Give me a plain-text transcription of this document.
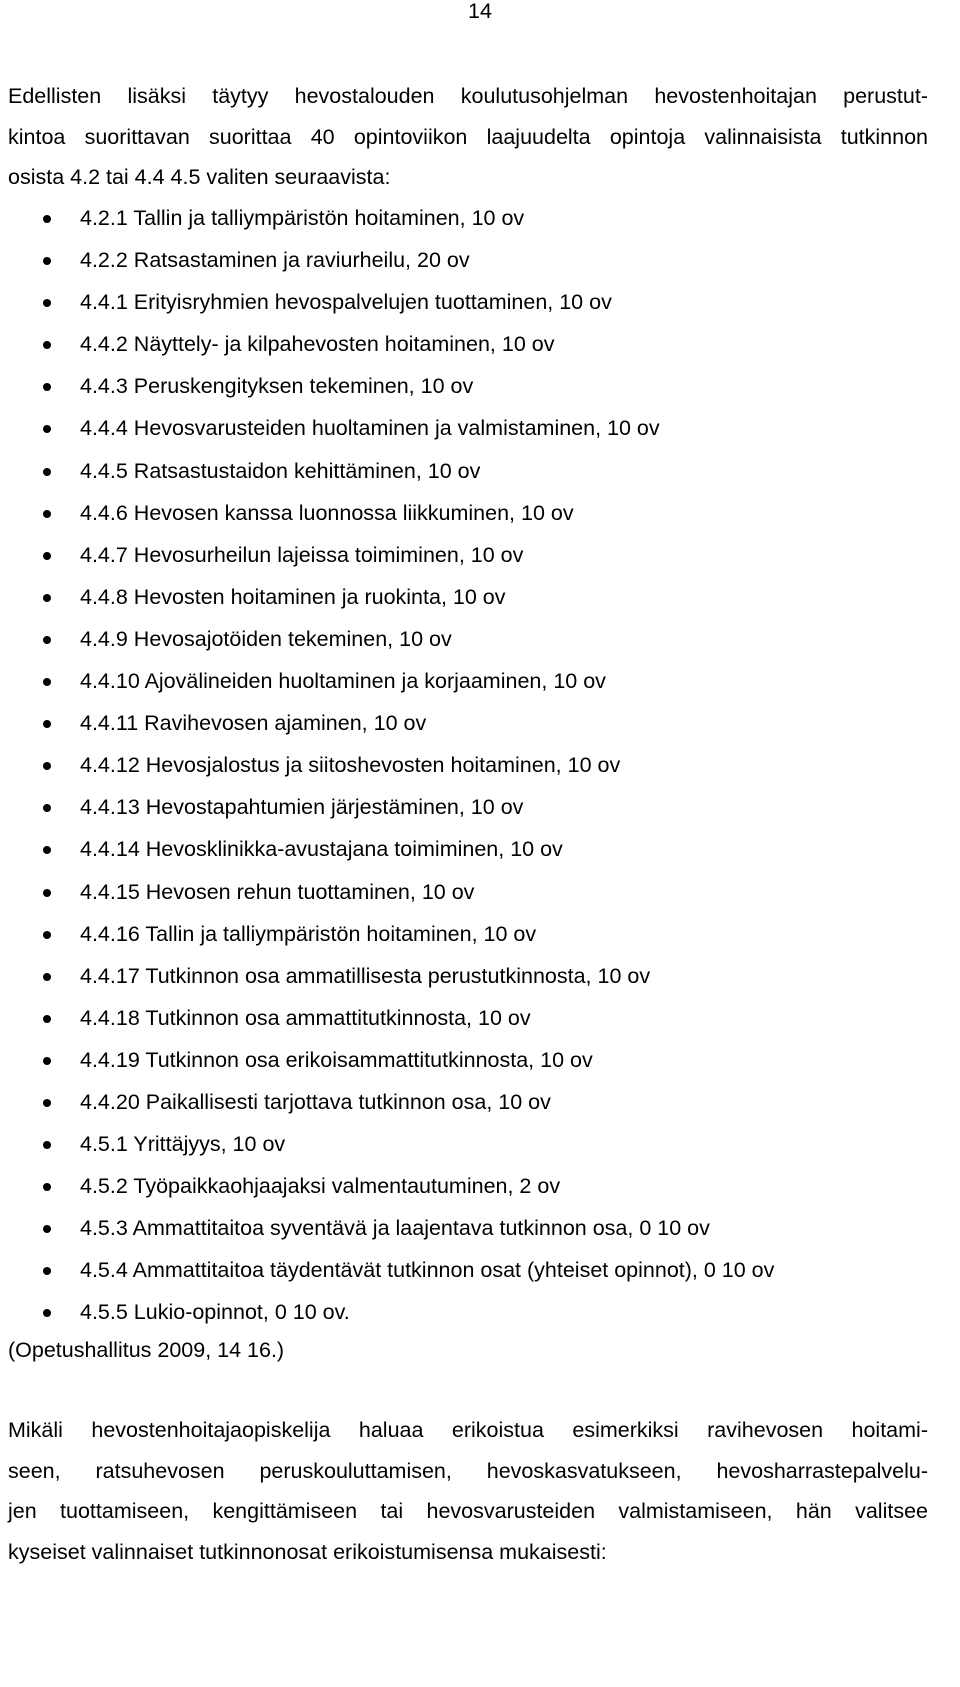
14
Edellisten lisäksi täytyy hevostalouden koulutusohjelman hevostenhoitajan perustut-
kintoa suorittavan suorittaa 40 opintoviikon laajuudelta opintoja valinnaisista tutkinnon
osista 4.2 tai 4.4 4.5 valiten seuraavista:
4.2.1 Tallin ja talliympäristön hoitaminen, 10 ov
4.2.2 Ratsastaminen ja raviurheilu, 20 ov
4.4.1 Erityisryhmien hevospalvelujen tuottaminen, 10 ov
4.4.2 Näyttely- ja kilpahevosten hoitaminen, 10 ov
4.4.3 Peruskengityksen tekeminen, 10 ov
4.4.4 Hevosvarusteiden huoltaminen ja valmistaminen, 10 ov
4.4.5 Ratsastustaidon kehittäminen, 10 ov
4.4.6 Hevosen kanssa luonnossa liikkuminen, 10 ov
4.4.7 Hevosurheilun lajeissa toimiminen, 10 ov
4.4.8 Hevosten hoitaminen ja ruokinta, 10 ov
4.4.9 Hevosajotöiden tekeminen, 10 ov
4.4.10 Ajovälineiden huoltaminen ja korjaaminen, 10 ov
4.4.11 Ravihevosen ajaminen, 10 ov
4.4.12 Hevosjalostus ja siitoshevosten hoitaminen, 10 ov
4.4.13 Hevostapahtumien järjestäminen, 10 ov
4.4.14 Hevosklinikka-avustajana toimiminen, 10 ov
4.4.15 Hevosen rehun tuottaminen, 10 ov
4.4.16 Tallin ja talliympäristön hoitaminen, 10 ov
4.4.17 Tutkinnon osa ammatillisesta perustutkinnosta, 10 ov
4.4.18 Tutkinnon osa ammattitutkinnosta, 10 ov
4.4.19 Tutkinnon osa erikoisammattitutkinnosta, 10 ov
4.4.20 Paikallisesti tarjottava tutkinnon osa, 10 ov
4.5.1 Yrittäjyys, 10 ov
4.5.2 Työpaikkaohjaajaksi valmentautuminen, 2 ov
4.5.3 Ammattitaitoa syventävä ja laajentava tutkinnon osa, 0 10 ov
4.5.4 Ammattitaitoa täydentävät tutkinnon osat (yhteiset opinnot), 0 10 ov
4.5.5 Lukio-opinnot, 0 10 ov.
(Opetushallitus 2009, 14 16.)
Mikäli hevostenhoitajaopiskelija haluaa erikoistua esimerkiksi ravihevosen hoitami-
seen, ratsuhevosen peruskouluttamisen, hevoskasvatukseen, hevosharrastepalvelu-
jen tuottamiseen, kengittämiseen tai hevosvarusteiden valmistamiseen, hän valitsee
kyseiset valinnaiset tutkinnonosat erikoistumisensa mukaisesti:
